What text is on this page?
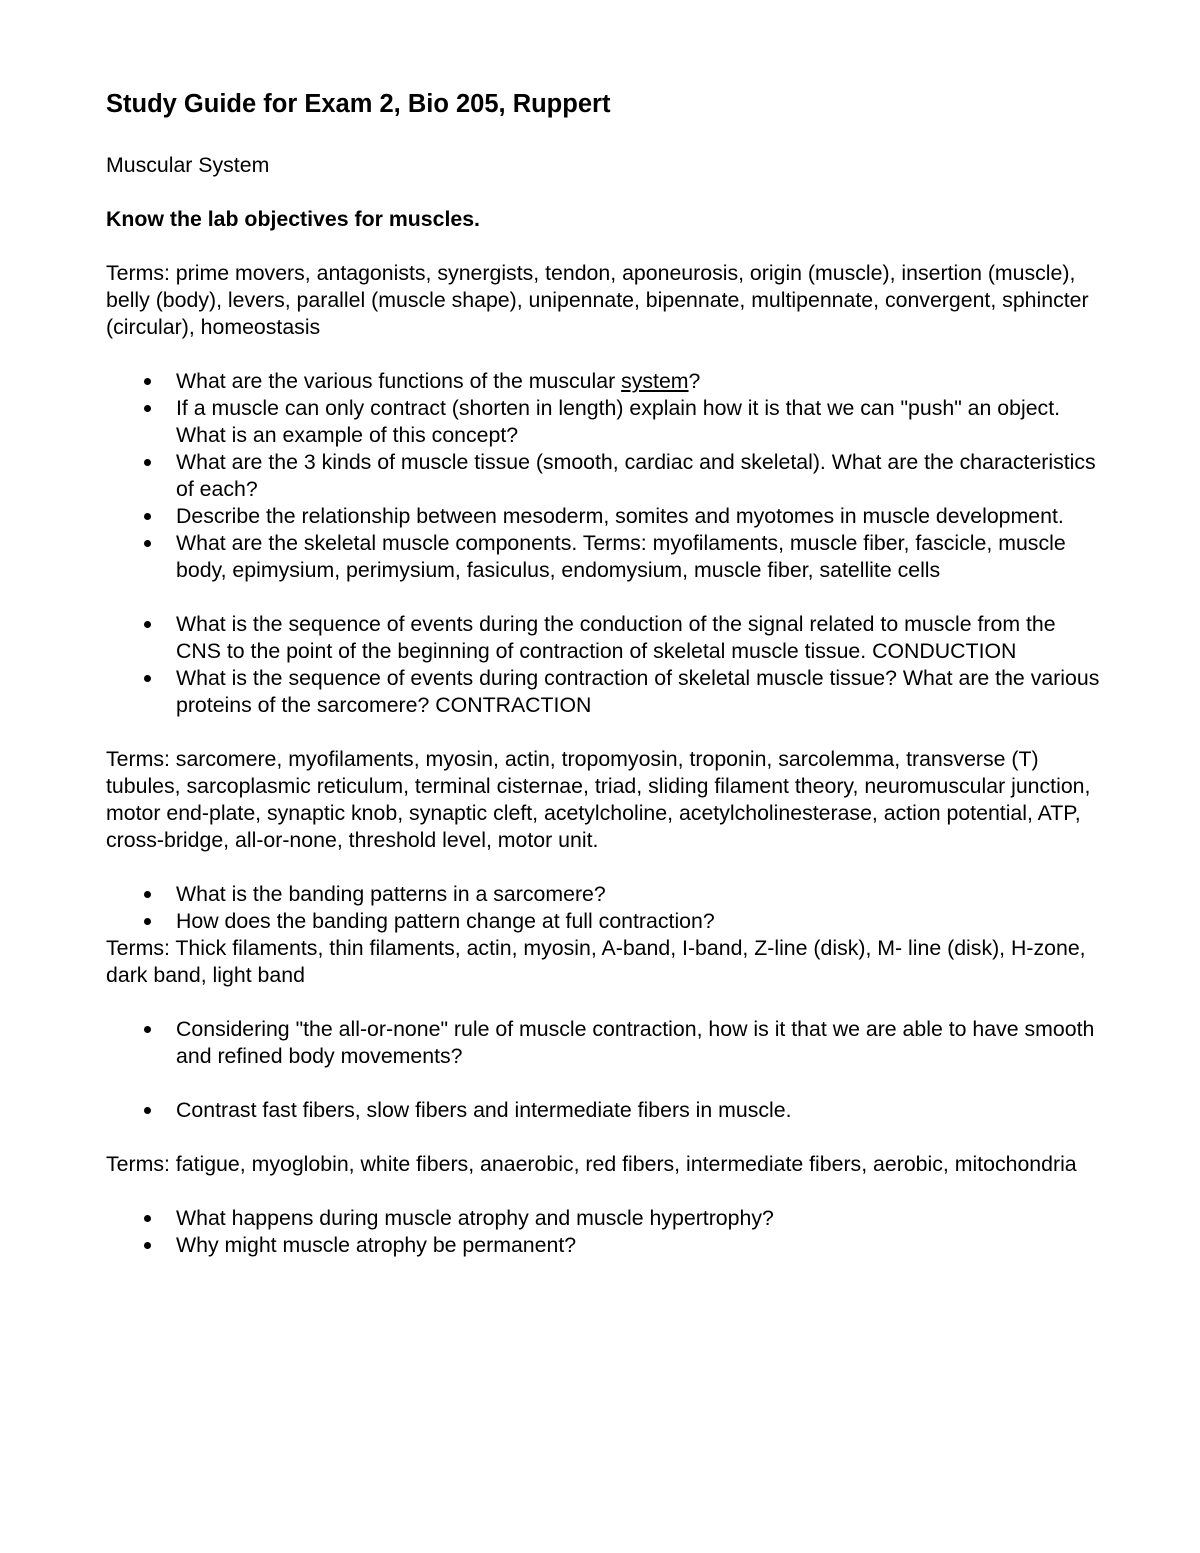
Study Guide for Exam 2, Bio 205, Ruppert

Muscular System

Know the lab objectives for muscles.

Terms: prime movers, antagonists, synergists, tendon, aponeurosis, origin (muscle), insertion (muscle), belly (body), levers, parallel (muscle shape), unipennate, bipennate, multipennate, convergent, sphincter (circular), homeostasis

What are the various functions of the muscular system?
If a muscle can only contract (shorten in length) explain how it is that we can "push" an object. What is an example of this concept?
What are the 3 kinds of muscle tissue (smooth, cardiac and skeletal). What are the characteristics of each?
Describe the relationship between mesoderm, somites and myotomes in muscle development.
What are the skeletal muscle components. Terms: myofilaments, muscle fiber, fascicle, muscle body, epimysium, perimysium, fasiculus, endomysium, muscle fiber, satellite cells
What is the sequence of events during the conduction of the signal related to muscle from the CNS to the point of the beginning of contraction of skeletal muscle tissue. CONDUCTION
What is the sequence of events during contraction of skeletal muscle tissue? What are the various proteins of the sarcomere? CONTRACTION

Terms: sarcomere, myofilaments, myosin, actin, tropomyosin, troponin, sarcolemma, transverse (T) tubules, sarcoplasmic reticulum, terminal cisternae, triad, sliding filament theory, neuromuscular junction, motor end-plate, synaptic knob, synaptic cleft, acetylcholine, acetylcholinesterase, action potential, ATP, cross-bridge, all-or-none, threshold level, motor unit.

What is the banding patterns in a sarcomere?
How does the banding pattern change at full contraction?

Terms: Thick filaments, thin filaments, actin, myosin, A-band, I-band, Z-line (disk), M- line (disk), H-zone, dark band, light band

Considering "the all-or-none" rule of muscle contraction, how is it that we are able to have smooth and refined body movements?
Contrast fast fibers, slow fibers and intermediate fibers in muscle.

Terms: fatigue, myoglobin, white fibers, anaerobic, red fibers, intermediate fibers, aerobic, mitochondria

What happens during muscle atrophy and muscle hypertrophy?
Why might muscle atrophy be permanent?
